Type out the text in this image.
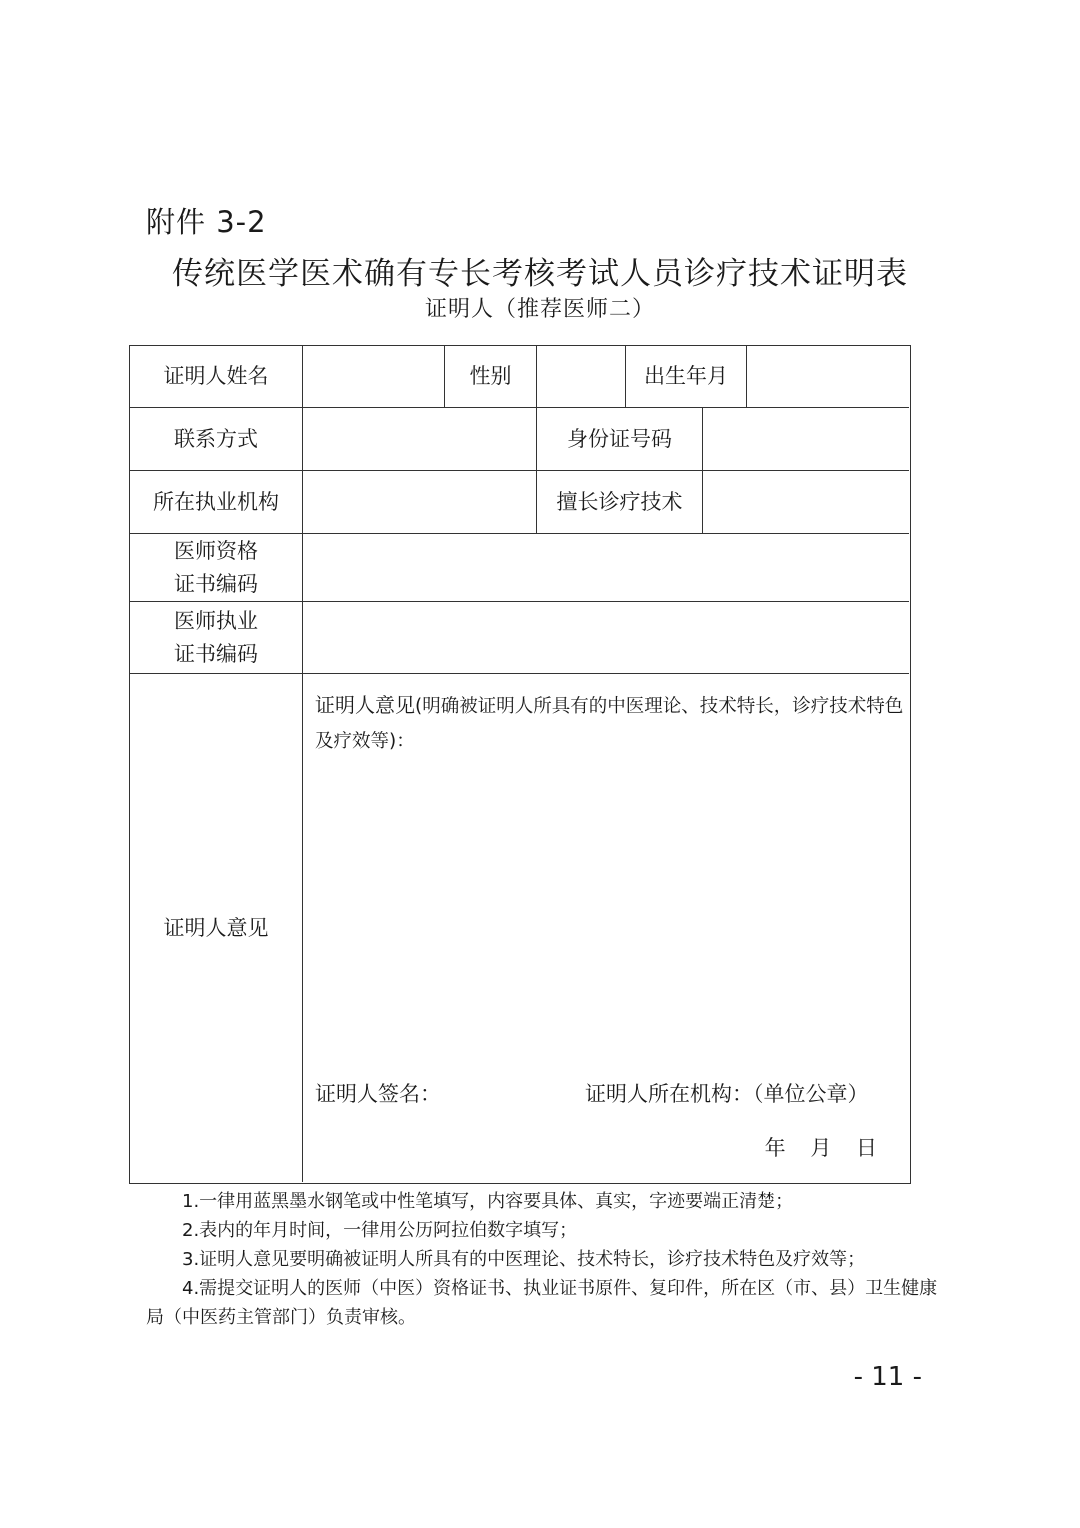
附件 3-2
传统医学医术确有专长考核考试人员诊疗技术证明表
证明人（推荐医师二）
证明人姓名	性别	出生年月
联系方式	身份证号码
所在执业机构	擅长诊疗技术
医师资格
证书编码
医师执业
证书编码
证明人意见
证明人意见(明确被证明人所具有的中医理论、技术特长，诊疗技术特色及疗效等)：
证明人签名：	证明人所在机构：（单位公章）
年 月 日

1.一律用蓝黑墨水钢笔或中性笔填写，内容要具体、真实，字迹要端正清楚；

2.表内的年月时间，一律用公历阿拉伯数字填写；

3.证明人意见要明确被证明人所具有的中医理论、技术特长，诊疗技术特色及疗效等；

4.需提交证明人的医师（中医）资格证书、执业证书原件、复印件，所在区（市、县）卫生健康局（中医药主管部门）负责审核。

- 11 -
